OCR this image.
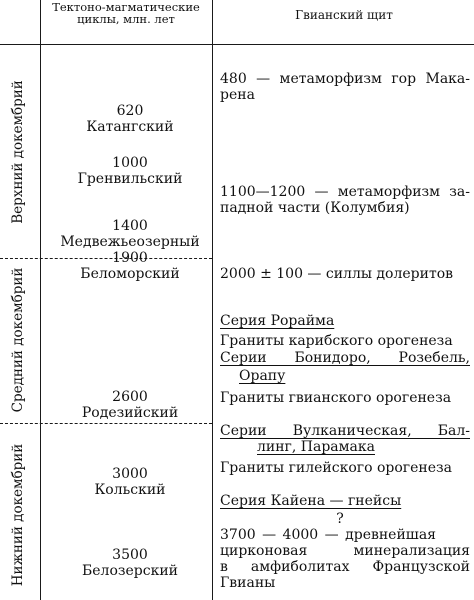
Тектоно-магматические
циклы, млн. лет	Гвианский щит
Верхний докембрий
Средний докембрий
Нижний докембрий
620
Катангский
1000
Гренвильский
1400
Медвежьеозерный
1900
Беломорский
2600
Родезийский
3000
Кольский
3500
Белозерский
480 — метаморфизм гор Мака-
рена
1100—1200 — метаморфизм за-
падной части (Колумбия)
2000 ± 100 — силлы долеритов
Серия Рорайма
Граниты карибского орогенеза
Серии Бонидоро, Розебель,
Орапу
Граниты гвианского орогенеза
Серии Вулканическая, Бал-
линг, Парамака
Граниты гилейского орогенеза
Серия Кайена — гнейсы
?
3700 — 4000 — древнейшая
цирконовая минерализация
в амфиболитах Французской
Гвианы
